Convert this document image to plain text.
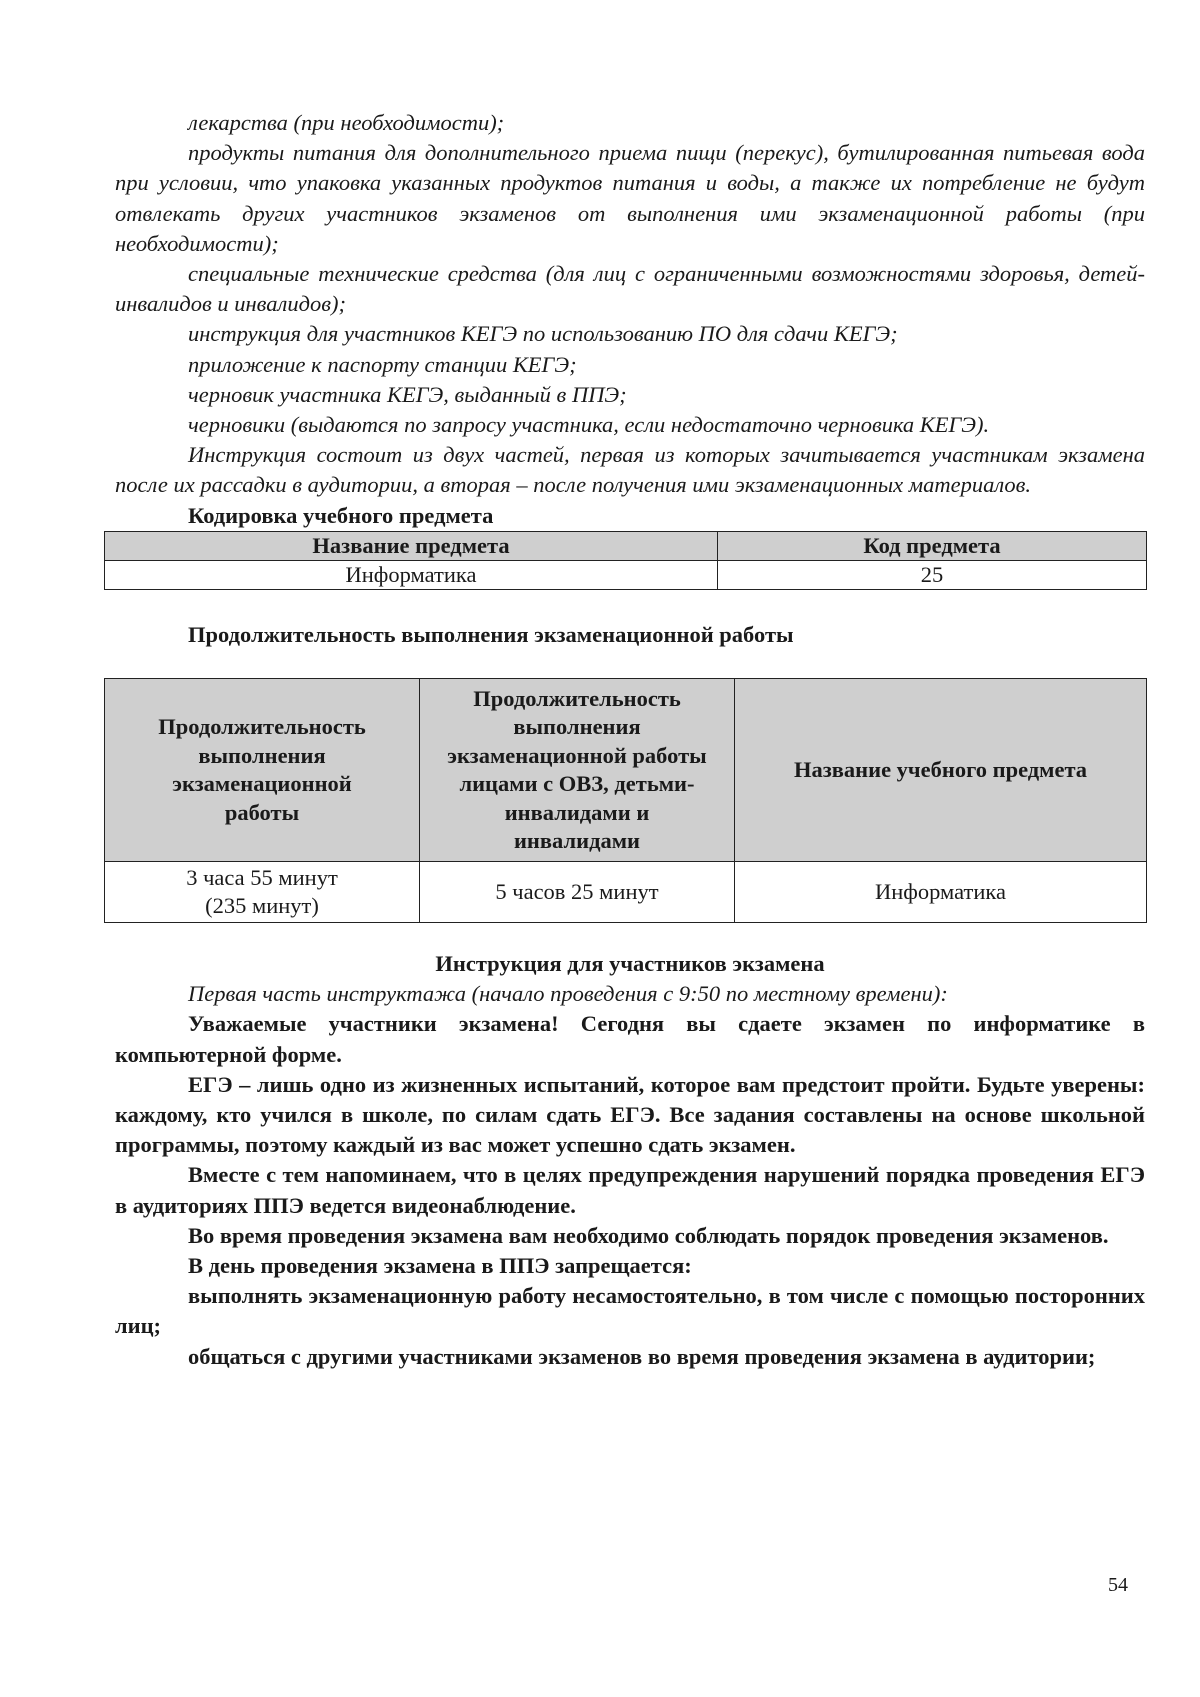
лекарства (при необходимости);

продукты питания для дополнительного приема пищи (перекус), бутилированная питьевая вода при условии, что упаковка указанных продуктов питания и воды, а также их потребление не будут отвлекать других участников экзаменов от выполнения ими экзаменационной работы (при необходимости);

специальные технические средства (для лиц с ограниченными возможностями здоровья, детей-инвалидов и инвалидов);

инструкция для участников КЕГЭ по использованию ПО для сдачи КЕГЭ;

приложение к паспорту станции КЕГЭ;

черновик участника КЕГЭ, выданный в ППЭ;

черновики (выдаются по запросу участника, если недостаточно черновика КЕГЭ).

Инструкция состоит из двух частей, первая из которых зачитывается участникам экзамена после их рассадки в аудитории, а вторая – после получения ими экзаменационных материалов.

Кодировка учебного предмета

Название предмета	Код предмета
Информатика	25

Продолжительность выполнения экзаменационной работы

Продолжительность выполнения экзаменационной работы	Продолжительность выполнения экзаменационной работы лицами с ОВЗ, детьми-инвалидами и инвалидами	Название учебного предмета

3 часа 55 минут
(235 минут)	5 часов 25 минут	Информатика

Инструкция для участников экзамена

Первая часть инструктажа (начало проведения с 9:50 по местному времени):

Уважаемые участники экзамена! Сегодня вы сдаете экзамен по информатике в компьютерной форме.

ЕГЭ – лишь одно из жизненных испытаний, которое вам предстоит пройти. Будьте уверены: каждому, кто учился в школе, по силам сдать ЕГЭ. Все задания составлены на основе школьной программы, поэтому каждый из вас может успешно сдать экзамен.

Вместе с тем напоминаем, что в целях предупреждения нарушений порядка проведения ЕГЭ в аудиториях ППЭ ведется видеонаблюдение.

Во время проведения экзамена вам необходимо соблюдать порядок проведения экзаменов.

В день проведения экзамена в ППЭ запрещается:

выполнять экзаменационную работу несамостоятельно, в том числе с помощью посторонних лиц;

общаться с другими участниками экзаменов во время проведения экзамена в аудитории;

54
